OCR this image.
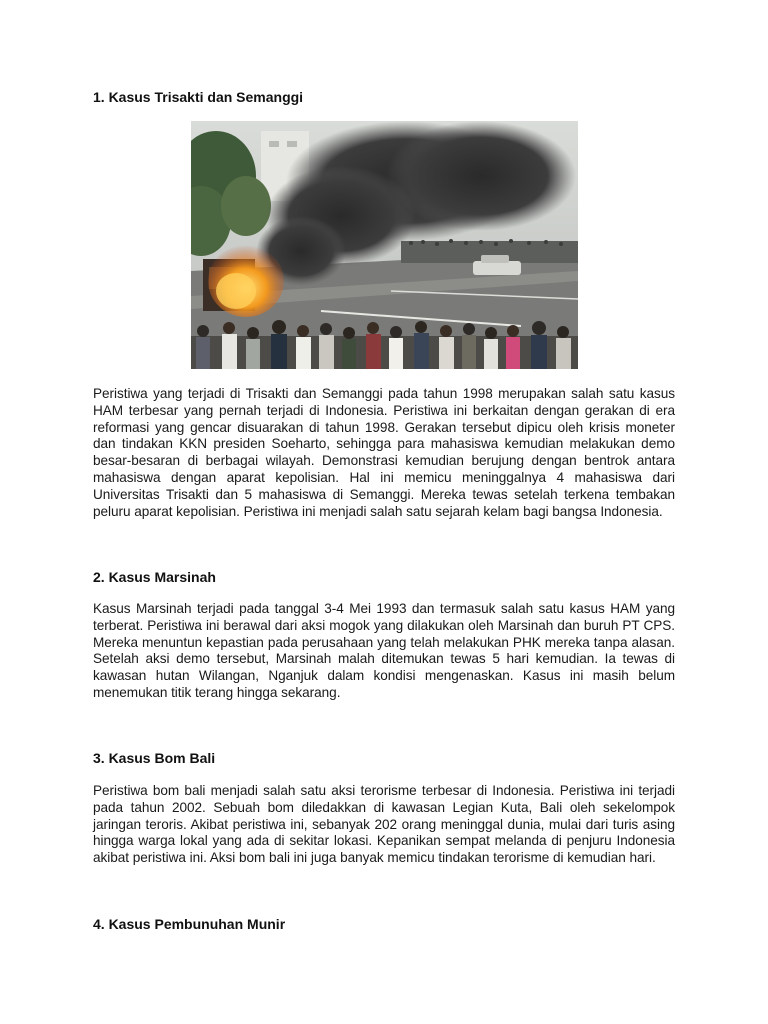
1. Kasus Trisakti dan Semanggi

Peristiwa yang terjadi di Trisakti dan Semanggi pada tahun 1998 merupakan salah satu kasus HAM terbesar yang pernah terjadi di Indonesia. Peristiwa ini berkaitan dengan gerakan di era reformasi yang gencar disuarakan di tahun 1998. Gerakan tersebut dipicu oleh krisis moneter dan tindakan KKN presiden Soeharto, sehingga para mahasiswa kemudian melakukan demo besar-besaran di berbagai wilayah. Demonstrasi kemudian berujung dengan bentrok antara mahasiswa dengan aparat kepolisian. Hal ini memicu meninggalnya 4 mahasiswa dari Universitas Trisakti dan 5 mahasiswa di Semanggi. Mereka tewas setelah terkena tembakan peluru aparat kepolisian. Peristiwa ini menjadi salah satu sejarah kelam bagi bangsa Indonesia.

2. Kasus Marsinah

Kasus Marsinah terjadi pada tanggal 3-4 Mei 1993 dan termasuk salah satu kasus HAM yang terberat. Peristiwa ini berawal dari aksi mogok yang dilakukan oleh Marsinah dan buruh PT CPS. Mereka menuntun kepastian pada perusahaan yang telah melakukan PHK mereka tanpa alasan. Setelah aksi demo tersebut, Marsinah malah ditemukan tewas 5 hari kemudian. Ia tewas di kawasan hutan Wilangan, Nganjuk dalam kondisi mengenaskan. Kasus ini masih belum menemukan titik terang hingga sekarang.

3. Kasus Bom Bali

Peristiwa bom bali menjadi salah satu aksi terorisme terbesar di Indonesia. Peristiwa ini terjadi pada tahun 2002. Sebuah bom diledakkan di kawasan Legian Kuta, Bali oleh sekelompok jaringan teroris. Akibat peristiwa ini, sebanyak 202 orang meninggal dunia, mulai dari turis asing hingga warga lokal yang ada di sekitar lokasi. Kepanikan sempat melanda di penjuru Indonesia akibat peristiwa ini. Aksi bom bali ini juga banyak memicu tindakan terorisme di kemudian hari.

4. Kasus Pembunuhan Munir
